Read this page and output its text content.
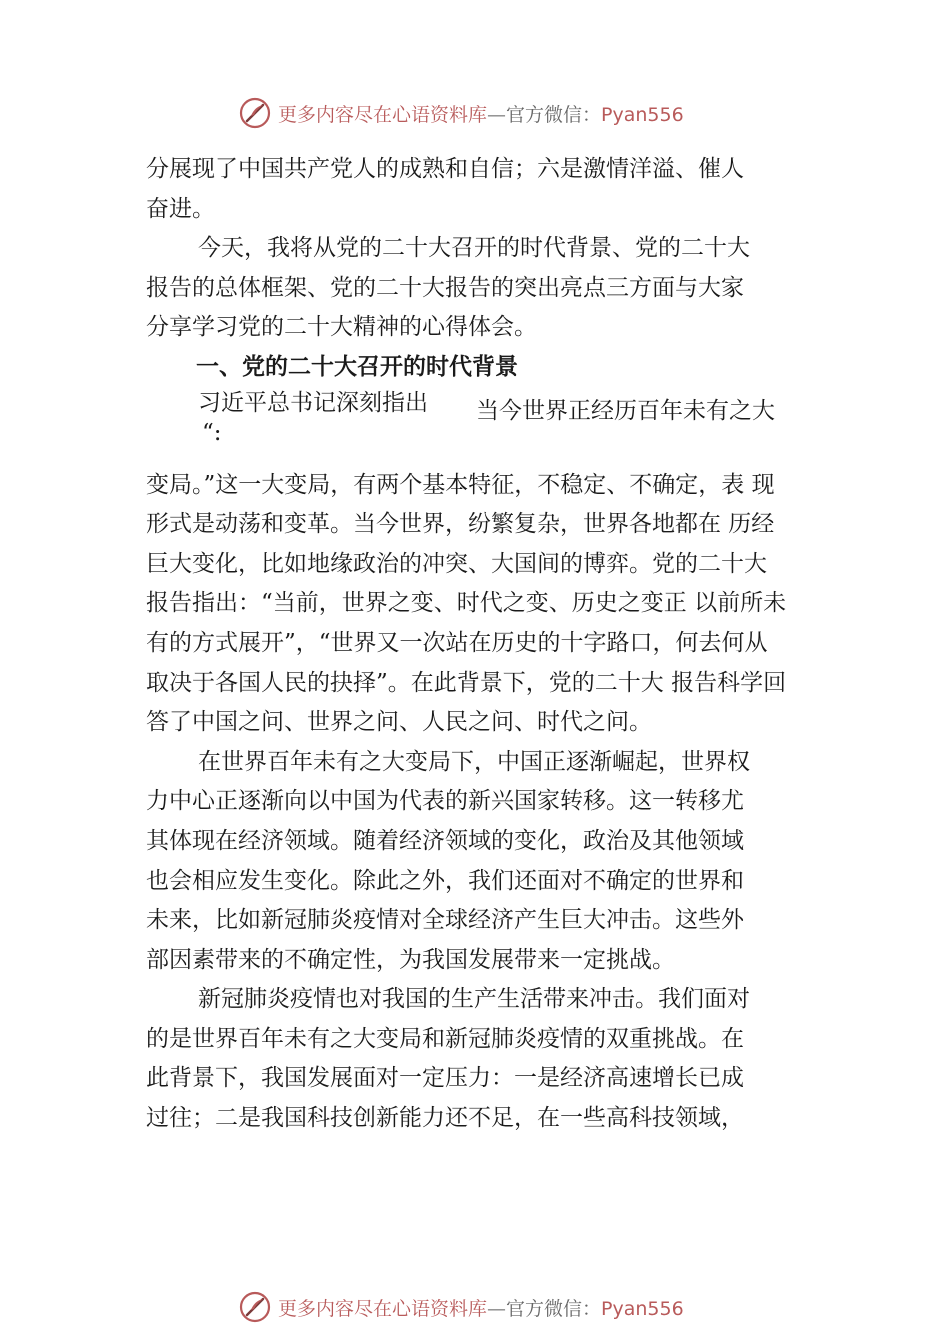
更多内容尽在心语资料库—官方微信：Pyan556
分展现了中国共产党人的成熟和自信；六是激情洋溢、催人
奋进。
今天，我将从党的二十大召开的时代背景、党的二十大
报告的总体框架、党的二十大报告的突出亮点三方面与大家
分享学习党的二十大精神的心得体会。
一、党的二十大召开的时代背景
习近平总书记深刻指出
“:
当今世界正经历百年未有之大
变局。”这一大变局，有两个基本特征，不稳定、不确定，表 现
形式是动荡和变革。当今世界，纷繁复杂，世界各地都在 历经
巨大变化，比如地缘政治的冲突、大国间的博弈。党的二十大
报告指出：“当前，世界之变、时代之变、历史之变正 以前所未
有的方式展开”，“世界又一次站在历史的十字路口，何去何从
取决于各国人民的抉择”。在此背景下，党的二十大 报告科学回
答了中国之问、世界之问、人民之问、时代之问。
在世界百年未有之大变局下，中国正逐渐崛起，世界权
力中心正逐渐向以中国为代表的新兴国家转移。这一转移尤
其体现在经济领域。随着经济领域的变化，政治及其他领域
也会相应发生变化。除此之外，我们还面对不确定的世界和
未来，比如新冠肺炎疫情对全球经济产生巨大冲击。这些外
部因素带来的不确定性，为我国发展带来一定挑战。
新冠肺炎疫情也对我国的生产生活带来冲击。我们面对
的是世界百年未有之大变局和新冠肺炎疫情的双重挑战。在
此背景下，我国发展面对一定压力：一是经济高速增长已成
过往；二是我国科技创新能力还不足，在一些高科技领域，
更多内容尽在心语资料库—官方微信：Pyan556
